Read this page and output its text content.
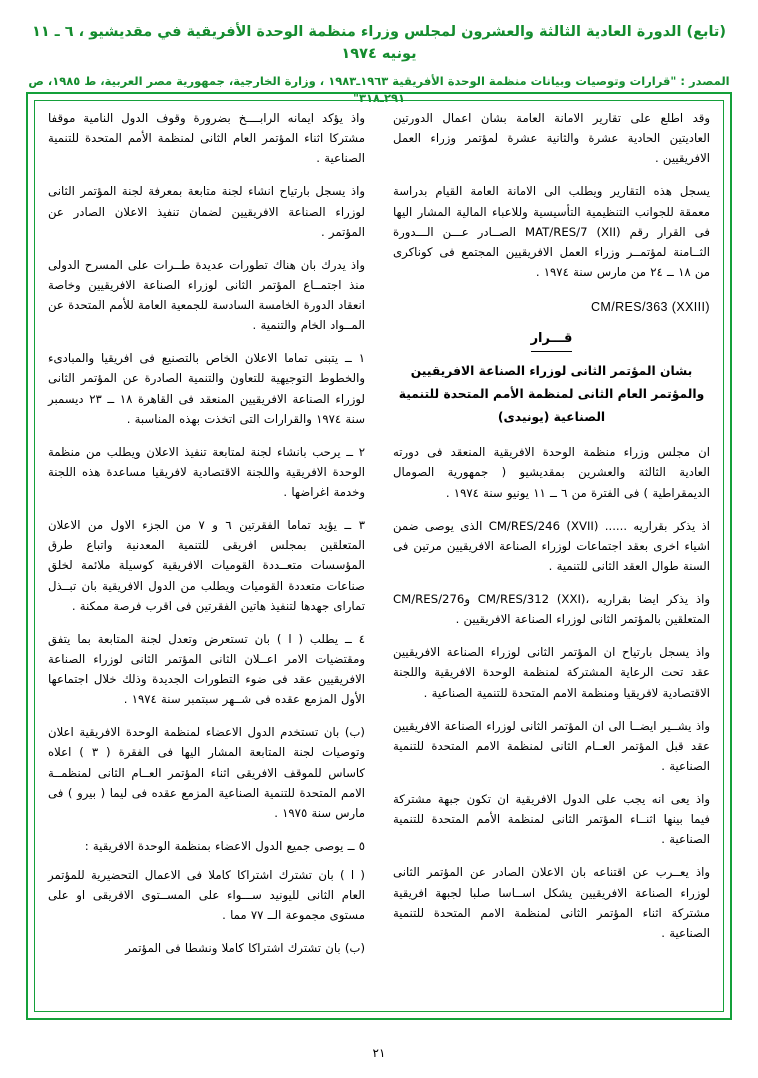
(تابع) الدورة العادية الثالثة والعشرون لمجلس وزراء منظمة الوحدة الأفريقية في مقديشيو ، ٦ ـ ١١ يونيه ١٩٧٤
المصدر : "قرارات وتوصيات وبيانات منظمة الوحدة الأفريقية ١٩٦٣ـ١٩٨٣ ، وزارة الخارجية، جمهورية مصر العربية، ط ١٩٨٥، ص ٢٩١ـ٣١٨"

وقد اطلع على تقارير الامانة العامة بشان اعمال الدورتين العاديتين الحادية عشرة والثانية عشرة لمؤتمر وزراء العمل الافريقيين .

يسجل هذه التقارير ويطلب الى الامانة العامة القيام بدراسة معمقة للجوانب التنظيمية التأسيسية وللاعباء المالية المشار اليها فى القرار رقم MAT/RES/7 (XII) الصــادر عـــن الـــدورة الثــامنة لمؤتمــر وزراء العمل الافريقيين المجتمع فى كوناكرى من ١٨ ــ ٢٤ من مارس سنة ١٩٧٤ .

CM/RES/363 (XXIII)
قـــرار
بشان المؤتمر الثانى لوزراء الصناعة الافريقيين والمؤتمر العام الثانى لمنظمة الأمم المتحدة للتنمية الصناعية (يونيدى)

ان مجلس وزراء منظمة الوحدة الافريقية المنعقد فى دورته العادية الثالثة والعشرين بمقديشيو ( جمهورية الصومال الديمقراطية ) فى الفترة من ٦ ــ ١١ يونيو سنة ١٩٧٤ .

اذ يذكر بقراريه ...... CM/RES/246 (XVII) الذى يوصى ضمن اشياء اخرى بعقد اجتماعات لوزراء الصناعة الافريقيين مرتين فى السنة طوال العقد الثانى للتنمية .

واذ يذكر ايضا بقراريه ،(CM/RES/312 (XXI وCM/RES/276 المتعلقين بالمؤتمر الثانى لوزراء الصناعة الافريقيين .

واذ يسجل بارتياح ان المؤتمر الثانى لوزراء الصناعة الافريقيين عقد تحت الرعاية المشتركة لمنظمة الوحدة الافريقية واللجنة الاقتصادية لافريقيا ومنظمة الامم المتحدة للتنمية الصناعية .

واذ يشــير ايضــا الى ان المؤتمر الثانى لوزراء الصناعة الافريقيين عقد قبل المؤتمر العــام الثانى لمنظمة الامم المتحدة للتنمية الصناعية .

واذ يعى انه يجب على الدول الافريقية ان تكون جبهة مشتركة فيما بينها اثنــاء المؤتمر الثانى لمنظمة الأمم المتحدة للتنمية الصناعية .

واذ يعــرب عن اقتناعه بان الاعلان الصادر عن المؤتمر الثانى لوزراء الصناعة الافريقيين يشكل اســاسا صلبا لجبهة افريقية مشتركة اثناء المؤتمر الثانى لمنظمة الامم المتحدة للتنمية الصناعية .

واذ يؤكد ايمانه الرابــــخ بضرورة وقوف الدول النامية موقفا مشتركا اثناء المؤتمر العام الثانى لمنظمة الأمم المتحدة للتنمية الصناعية .

واذ يسجل بارتياح انشاء لجنة متابعة بمعرفة لجنة المؤتمر الثانى لوزراء الصناعة الافريقيين لضمان تنفيذ الاعلان الصادر عن المؤتمر .

واذ يدرك بان هناك تطورات عديدة طــرات على المسرح الدولى منذ اجتمــاع المؤتمر الثانى لوزراء الصناعة الافريقيين وخاصة انعقاد الدورة الخامسة السادسة للجمعية العامة للأمم المتحدة عن المــواد الخام والتنمية .

١ ــ يتبنى تماما الاعلان الخاص بالتصنيع فى افريقيا والمبادىء والخطوط التوجيهية للتعاون والتنمية الصادرة عن المؤتمر الثانى لوزراء الصناعة الافريقيين المنعقد فى القاهرة ١٨ ــ ٢٣ ديسمبر سنة ١٩٧٤ والقرارات التى اتخذت بهذه المناسبة .

٢ ــ يرحب بانشاء لجنة لمتابعة تنفيذ الاعلان ويطلب من منظمة الوحدة الافريقية واللجنة الاقتصادية لافريقيا مساعدة هذه اللجنة وخدمة اغراضها .

٣ ــ يؤيد تماما الفقرتين ٦ و ٧ من الجزء الاول من الاعلان المتعلقين بمجلس افريقى للتنمية المعدنية واتباع طرق المؤسسات متعــددة القوميات الافريقية كوسيلة ملائمة لخلق صناعات متعددة القوميات ويطلب من الدول الافريقية بان تبــذل تماراى جهدها لتنفيذ هاتين الفقرتين فى اقرب فرصة ممكنة .

٤ ــ يطلب ( ا ) بان تستعرض وتعدل لجنة المتابعة بما يتفق ومقتضيات الامر اعــلان الثانى المؤتمر الثانى لوزراء الصناعة الافريقيين عقد فى ضوء التطورات الجديدة وذلك خلال اجتماعها الأول المزمع عقده فى شــهر سبتمبر سنة ١٩٧٤ .

(ب) بان تستخدم الدول الاعضاء لمنظمة الوحدة الافريقية اعلان وتوصيات لجنة المتابعة المشار اليها فى الفقرة ( ٣ ) اعلاه كاساس للموقف الافريقى اثناء المؤتمر العــام الثانى لمنظمــة الامم المتحدة للتنمية الصناعية المزمع عقده فى ليما ( بيرو ) فى مارس سنة ١٩٧٥ .

٥ ــ يوصى جميع الدول الاعضاء بمنظمة الوحدة الافريقية :

( ا ) بان تشترك اشتراكا كاملا فى الاعمال التحضيرية للمؤتمر العام الثانى لليونيد ســـواء على المســتوى الافريقى او على مستوى مجموعة الــ ٧٧ مما .

(ب) بان تشترك اشتراكا كاملا ونشطا فى المؤتمر

٢١
